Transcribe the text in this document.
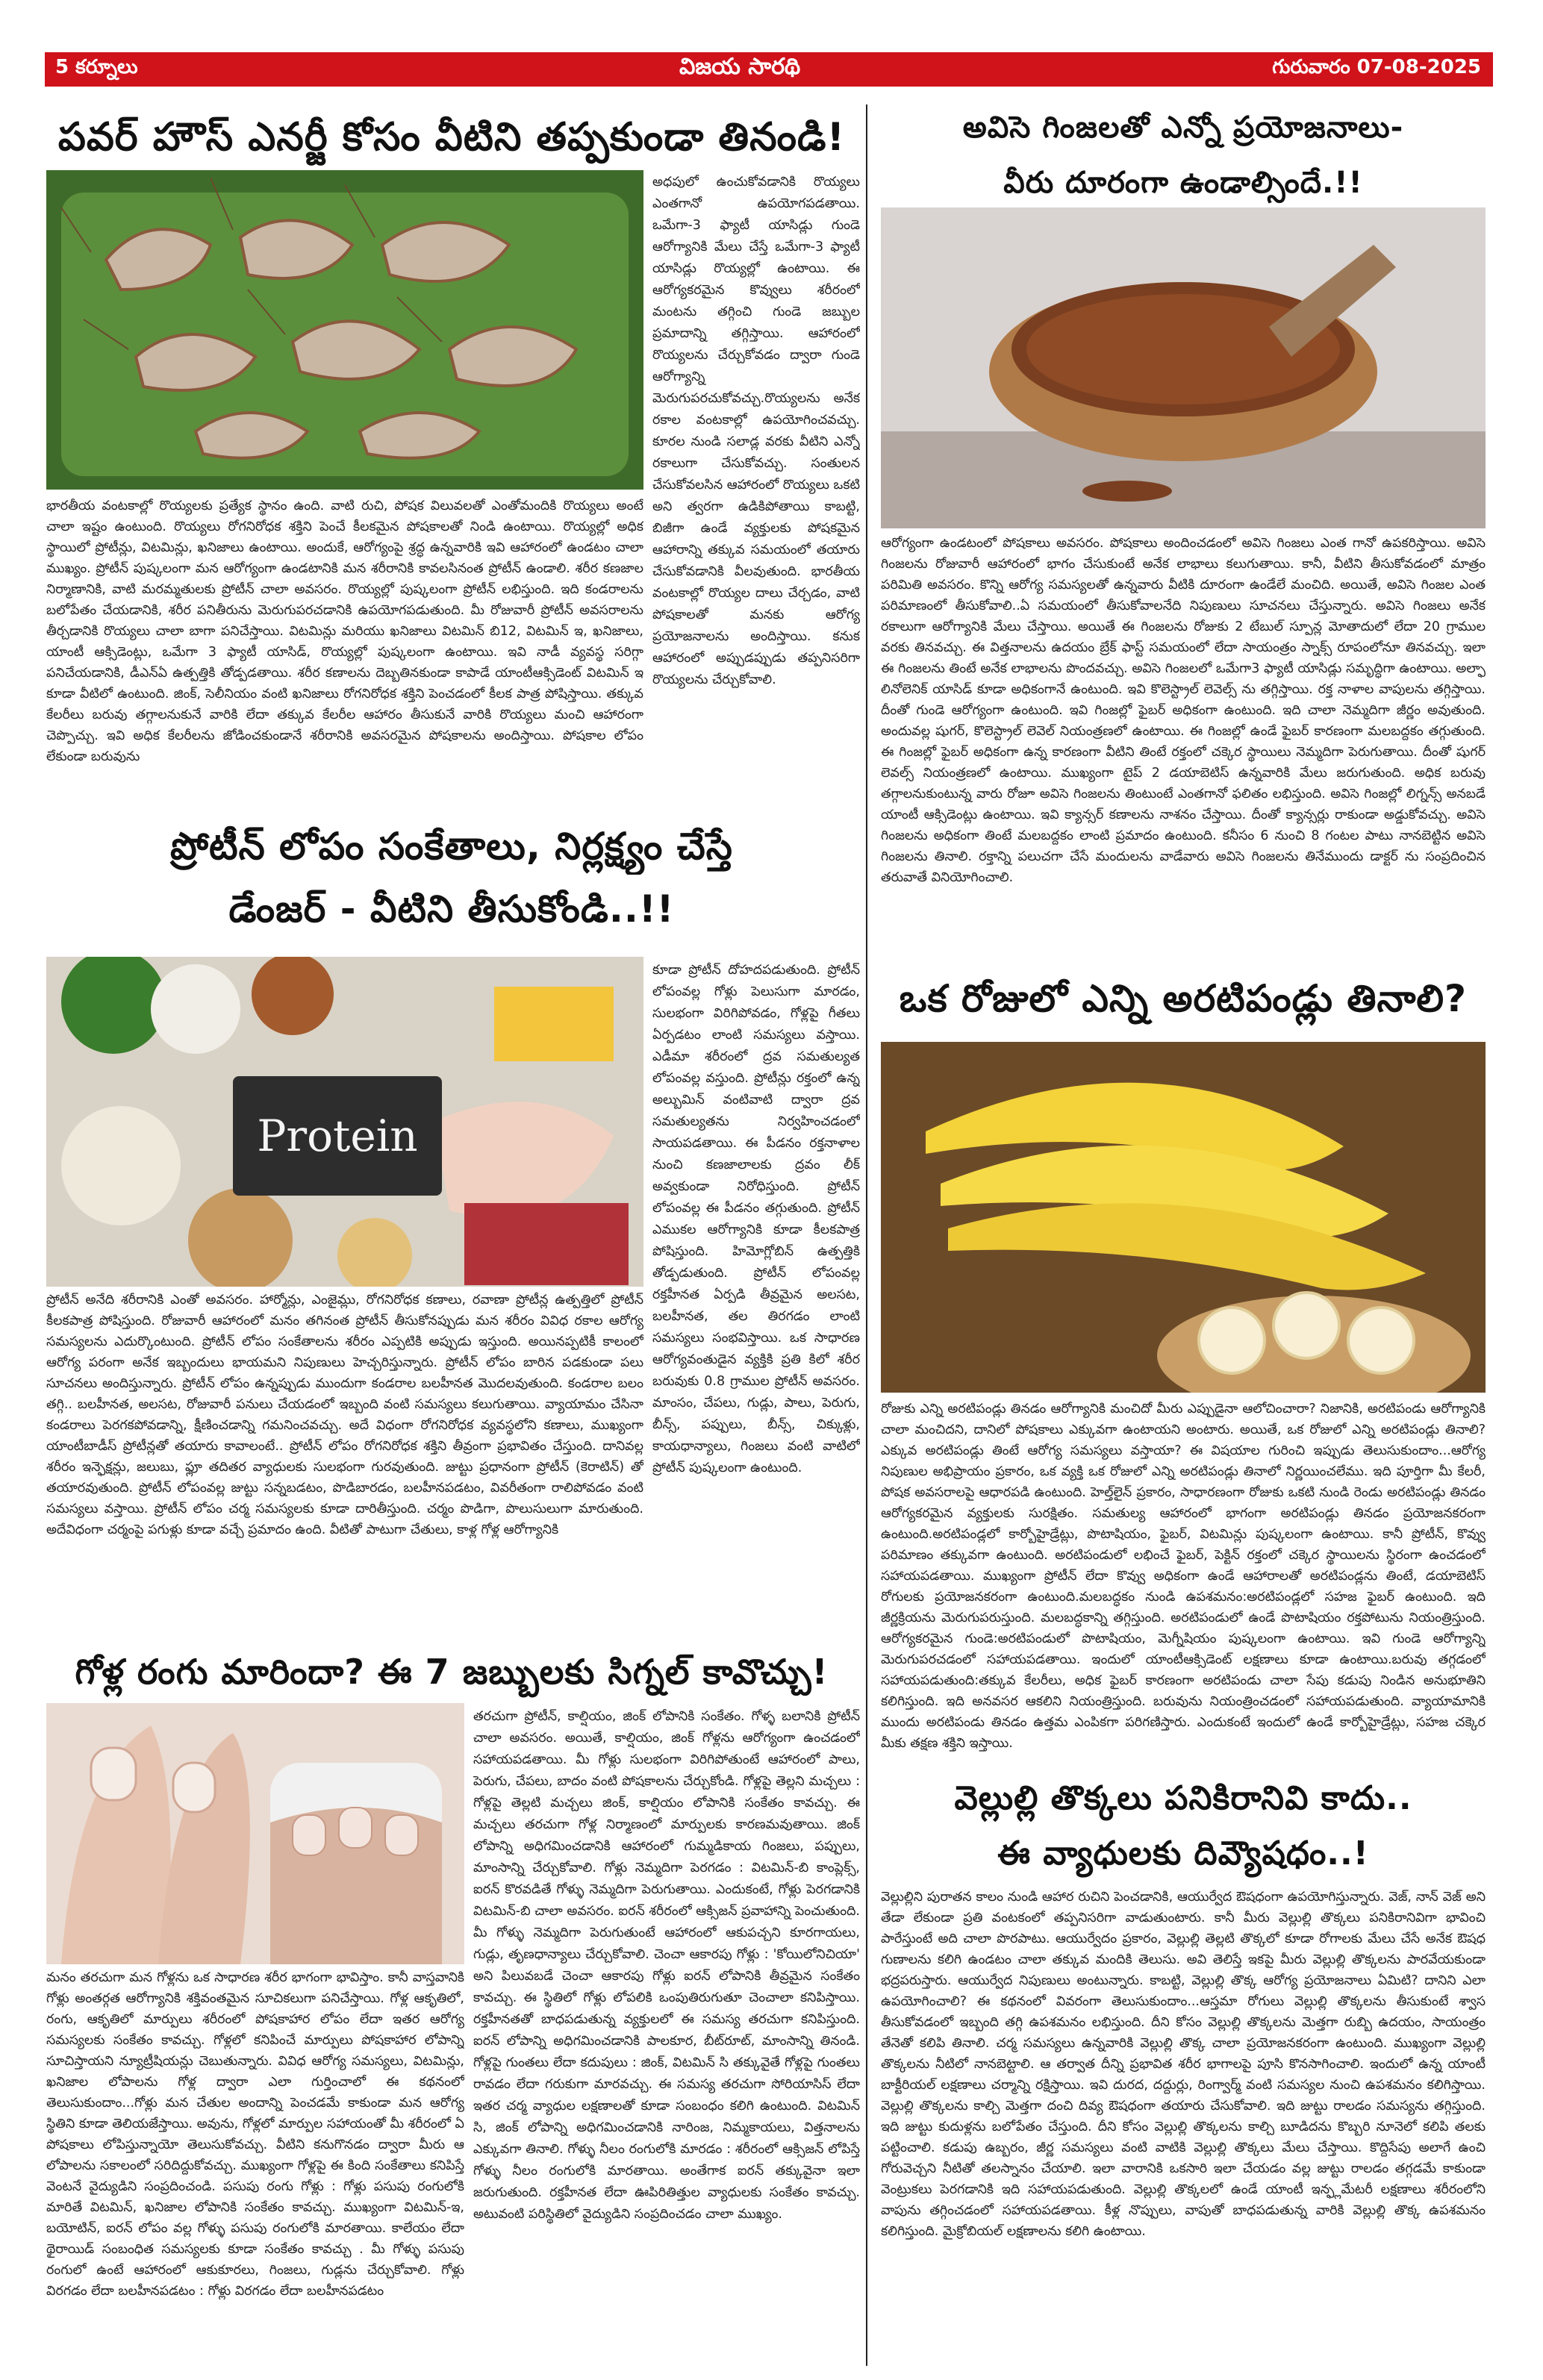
5 కర్నూలు	విజయ సారథి	గురువారం 07-08-2025
పవర్ హౌస్ ఎనర్జీ కోసం వీటిని తప్పకుండా తినండి!
అధపులో ఉంచుకోవడానికి రొయ్యలు ఎంతగానో ఉపయోగపడతాయి. ఒమేగా-3 ఫ్యాటీ యాసిడ్లు గుండె ఆరోగ్యానికి మేలు చేస్తే ఒమేగా-3 ఫ్యాటీ యాసిడ్లు రొయ్యల్లో ఉంటాయి. ఈ ఆరోగ్యకరమైన కొవ్వులు శరీరంలో మంటను తగ్గించి గుండె జబ్బుల ప్రమాదాన్ని తగ్గిస్తాయి. ఆహారంలో రొయ్యలను చేర్చుకోవడం ద్వారా గుండె ఆరోగ్యాన్ని మెరుగుపరచుకోవచ్చు.రొయ్యలను అనేక రకాల వంటకాల్లో ఉపయోగించవచ్చు. కూరల నుండి సలాడ్ల వరకు వీటిని ఎన్నో రకాలుగా చేసుకోవచ్చు. సంతులన చేసుకోవలసిన ఆహారంలో రొయ్యలు ఒకటి అని త్వరగా ఉడికిపోతాయి కాబట్టి, బిజీగా ఉండే వ్యక్తులకు పోషకమైన ఆహారాన్ని తక్కువ సమయంలో తయారు చేసుకోవడానికి వీలవుతుంది. భారతీయ వంటకాల్లో రొయ్యల దాలు చేర్చడం, వాటి పోషకాలతో మనకు ఆరోగ్య ప్రయోజనాలను అందిస్తాయి. కనుక ఆహారంలో అప్పుడప్పుడు తప్పనిసరిగా రొయ్యలను చేర్చుకోవాలి.
భారతీయ వంటకాల్లో రొయ్యలకు ప్రత్యేక స్థానం ఉంది. వాటి రుచి, పోషక విలువలతో ఎంతోమందికి రొయ్యలు అంటే చాలా ఇష్టం ఉంటుంది. రొయ్యలు రోగనిరోధక శక్తిని పెంచే కీలకమైన పోషకాలతో నిండి ఉంటాయి. రొయ్యల్లో అధిక స్థాయిలో ప్రోటీన్లు, విటమిన్లు, ఖనిజాలు ఉంటాయి. అందుకే, ఆరోగ్యంపై శ్రద్ధ ఉన్నవారికి ఇవి ఆహారంలో ఉండటం చాలా ముఖ్యం. ప్రోటీన్ పుష్కలంగా మన ఆరోగ్యంగా ఉండటానికి మన శరీరానికి కావలసినంత ప్రోటీన్ ఉండాలి. శరీర కణజాల నిర్మాణానికి, వాటి మరమ్మతులకు ప్రోటీన్ చాలా అవసరం. రొయ్యల్లో పుష్కలంగా ప్రోటీన్ లభిస్తుంది. ఇది కండరాలను బలోపేతం చేయడానికి, శరీర పనితీరును మెరుగుపరచడానికి ఉపయోగపడుతుంది. మీ రోజువారీ ప్రోటీన్ అవసరాలను తీర్చడానికి రొయ్యలు చాలా బాగా పనిచేస్తాయి. విటమిన్లు మరియు ఖనిజాలు విటమిన్ బి12, విటమిన్ ఇ, ఖనిజాలు, యాంటీ ఆక్సిడెంట్లు, ఒమేగా 3 ఫ్యాటీ యాసిడ్, రొయ్యల్లో పుష్కలంగా ఉంటాయి. ఇవి నాడీ వ్యవస్థ సరిగ్గా పనిచేయడానికి, డీఎన్ఏ ఉత్పత్తికి తోడ్పడతాయి. శరీర కణాలను దెబ్బతినకుండా కాపాడే యాంటీఆక్సిడెంట్ విటమిన్ ఇ కూడా వీటిలో ఉంటుంది. జింక్, సెలీనియం వంటి ఖనిజాలు రోగనిరోధక శక్తిని పెంచడంలో కీలక పాత్ర పోషిస్తాయి. తక్కువ కేలరీలు బరువు తగ్గాలనుకునే వారికి లేదా తక్కువ కేలరీల ఆహారం తీసుకునే వారికి రొయ్యలు మంచి ఆహారంగా చెప్పొచ్చు. ఇవి అధిక కేలరీలను జోడించకుండానే శరీరానికి అవసరమైన పోషకాలను అందిస్తాయి. పోషకాల లోపం లేకుండా బరువును
ప్రోటీన్ లోపం సంకేతాలు, నిర్లక్ష్యం చేస్తే
డేంజర్ - వీటిని తీసుకోండి..!!
Protein
కూడా ప్రోటీన్ దోహదపడుతుంది. ప్రోటీన్ లోపంవల్ల గోళ్లు పెలుసుగా మారడం, సులభంగా విరిగిపోవడం, గోళ్లపై గీతలు ఏర్పడటం లాంటి సమస్యలు వస్తాయి. ఎడీమా శరీరంలో ద్రవ సమతుల్యత లోపంవల్ల వస్తుంది. ప్రోటీన్లు రక్తంలో ఉన్న అల్బుమిన్ వంటివాటి ద్వారా ద్రవ సమతుల్యతను నిర్వహించడంలో సాయపడతాయి. ఈ పీడనం రక్తనాళాల నుంచి కణజాలాలకు ద్రవం లీక్ అవ్వకుండా నిరోధిస్తుంది. ప్రోటీన్ లోపంవల్ల ఈ పీడనం తగ్గుతుంది. ప్రోటీన్ ఎముకల ఆరోగ్యానికి కూడా కీలకపాత్ర పోషిస్తుంది. హిమోగ్లోబిన్ ఉత్పత్తికి తోడ్పడుతుంది. ప్రోటీన్ లోపంవల్ల రక్తహీనత ఏర్పడి తీవ్రమైన అలసట, బలహీనత, తల తిరగడం లాంటి సమస్యలు సంభవిస్తాయి. ఒక సాధారణ ఆరోగ్యవంతుడైన వ్యక్తికి ప్రతి కిలో శరీర బరువుకు 0.8 గ్రాముల ప్రోటీన్ అవసరం. మాంసం, చేపలు, గుడ్లు, పాలు, పెరుగు, బీన్స్, పప్పులు, బీన్స్, చిక్కుళ్లు, కాయధాన్యాలు, గింజలు వంటి వాటిలో ప్రోటీన్ పుష్కలంగా ఉంటుంది.
ప్రోటీన్ అనేది శరీరానికి ఎంతో అవసరం. హార్మోన్లు, ఎంజైమ్లు, రోగనిరోధక కణాలు, రవాణా ప్రోటీన్ల ఉత్పత్తిలో ప్రోటీన్ కీలకపాత్ర పోషిస్తుంది. రోజువారీ ఆహారంలో మనం తగినంత ప్రోటీన్ తీసుకోనప్పుడు మన శరీరం వివిధ రకాల ఆరోగ్య సమస్యలను ఎదుర్కొంటుంది. ప్రోటీన్ లోపం సంకేతాలను శరీరం ఎప్పటికి అప్పుడు ఇస్తుంది. అయినప్పటికీ కాలంలో ఆరోగ్య పరంగా అనేక ఇబ్బందులు భాయమని నిపుణులు హెచ్చరిస్తున్నారు. ప్రోటీన్ లోపం బారిన పడకుండా పలు సూచనలు అందిస్తున్నారు. ప్రోటీన్ లోపం ఉన్నప్పుడు ముందుగా కండరాల బలహీనత మొదలవుతుంది. కండరాల బలం తగ్గి.. బలహీనత, అలసట, రోజువారీ పనులు చేయడంలో ఇబ్బంది వంటి సమస్యలు కలుగుతాయి. వ్యాయామం చేసినా కండరాలు పెరగకపోవడాన్ని, క్షీణించడాన్ని గమనించవచ్చు. అదే విధంగా రోగనిరోధక వ్యవస్థలోని కణాలు, ముఖ్యంగా యాంటీబాడీస్ ప్రోటీన్లతో తయారు కావాలంటే.. ప్రోటీన్ లోపం రోగనిరోధక శక్తిని తీవ్రంగా ప్రభావితం చేస్తుంది. దానివల్ల శరీరం ఇన్ఫెక్షన్లు, జలుబు, ఫ్లూ తదితర వ్యాధులకు సులభంగా గురవుతుంది. జుట్టు ప్రధానంగా ప్రోటీన్ (కెరాటిన్) తో తయారవుతుంది. ప్రోటీన్ లోపంవల్ల జుట్టు సన్నబడటం, పొడిబారడం, బలహీనపడటం, వివరీతంగా రాలిపోవడం వంటి సమస్యలు వస్తాయి. ప్రోటీన్ లోపం చర్మ సమస్యలకు కూడా దారితీస్తుంది. చర్మం పొడిగా, పొలుసులుగా మారుతుంది. అదేవిధంగా చర్మంపై పగుళ్లు కూడా వచ్చే ప్రమాదం ఉంది. వీటితో పాటుగా చేతులు, కాళ్ల గోళ్ల ఆరోగ్యానికి
గోళ్ల రంగు మారిందా? ఈ 7 జబ్బులకు సిగ్నల్ కావొచ్చు!
తరచుగా ప్రోటీన్, కాల్షియం, జింక్ లోపానికి సంకేతం. గోళ్ళ బలానికి ప్రోటీన్ చాలా అవసరం. అయితే, కాల్షియం, జింక్ గోళ్లను ఆరోగ్యంగా ఉంచడంలో సహాయపడతాయి. మీ గోళ్లు సులభంగా విరిగిపోతుంటే ఆహారంలో పాలు, పెరుగు, చేపలు, బాదం వంటి పోషకాలను చేర్చుకోండి. గోళ్లపై తెల్లని మచ్చలు : గోళ్లపై తెల్లటి మచ్చలు జింక్, కాల్షియం లోపానికి సంకేతం కావచ్చు. ఈ మచ్చలు తరచుగా గోళ్ల నిర్మాణంలో మార్పులకు కారణమవుతాయి. జింక్ లోపాన్ని అధిగమించడానికి ఆహారంలో గుమ్మడికాయ గింజలు, పప్పులు, మాంసాన్ని చేర్చుకోవాలి. గోళ్లు నెమ్మదిగా పెరగడం : విటమిన్-బి కాంప్లెక్స్, ఐరన్ కొరవడితే గోళ్ళు నెమ్మదిగా పెరుగుతాయి. ఎందుకంటే, గోళ్లు పెరగడానికి విటమిన్-బి చాలా అవసరం. ఐరన్ శరీరంలో ఆక్సిజన్ ప్రవాహాన్ని పెంచుతుంది. మీ గోళ్ళు నెమ్మదిగా పెరుగుతుంటే ఆహారంలో ఆకుపచ్చని కూరగాయలు, గుడ్లు, తృణధాన్యాలు చేర్చుకోవాలి. చెంచా ఆకారపు గోళ్లు : 'కోయిలోనిచియా' అని పిలువబడే చెంచా ఆకారపు గోళ్లు ఐరన్ లోపానికి తీవ్రమైన సంకేతం కావచ్చు. ఈ స్థితిలో గోళ్లు లోపలికి ఒంపుతిరుగుతూ చెంచాలా కనిపిస్తాయి. రక్తహీనతతో బాధపడుతున్న వ్యక్తులలో ఈ సమస్య తరచుగా కనిపిస్తుంది. ఐరన్ లోపాన్ని అధిగమించడానికి పాలకూర, బీట్‌రూట్, మాంసాన్ని తినండి. గోళ్లపై గుంతలు లేదా కదుపులు : జింక్, విటమిన్ సి తక్కువైతే గోళ్లపై గుంతలు రావడం లేదా గరుకుగా మారవచ్చు. ఈ సమస్య తరచుగా సోరియాసిస్ లేదా ఇతర చర్మ వ్యాధుల లక్షణాలతో కూడా సంబంధం కలిగి ఉంటుంది. విటమిన్ సి, జింక్ లోపాన్ని అధిగమించడానికి నారింజ, నిమ్మకాయలు, విత్తనాలను ఎక్కువగా తినాలి. గోళ్ళు నీలం రంగులోకి మారడం : శరీరంలో ఆక్సిజన్ లోపిస్తే గోళ్ళు నీలం రంగులోకి మారతాయి. అంతేగాక ఐరన్ తక్కువైనా ఇలా జరుగుతుంది. రక్తహీనత లేదా ఊపిరితిత్తుల వ్యాధులకు సంకేతం కావచ్చు. అటువంటి పరిస్థితిలో వైద్యుడిని సంప్రదించడం చాలా ముఖ్యం.
మనం తరచుగా మన గోళ్లను ఒక సాధారణ శరీర భాగంగా భావిస్తాం. కానీ వాస్తవానికి గోళ్లు అంతర్గత ఆరోగ్యానికి శక్తివంతమైన సూచికలుగా పనిచేస్తాయి. గోళ్ల ఆకృతిలో, రంగు, ఆకృతిలో మార్పులు శరీరంలో పోషకాహార లోపం లేదా ఇతర ఆరోగ్య సమస్యలకు సంకేతం కావచ్చు. గోళ్లలో కనిపించే మార్పులు పోషకాహార లోపాన్ని సూచిస్తాయని న్యూట్రీషియన్లు చెబుతున్నారు. వివిధ ఆరోగ్య సమస్యలు, విటమిన్లు, ఖనిజాల లోపాలను గోళ్ల ద్వారా ఎలా గుర్తించాలో ఈ కథనంలో తెలుసుకుందాం...గోళ్లు మన చేతుల అందాన్ని పెంచడమే కాకుండా మన ఆరోగ్య స్థితిని కూడా తెలియజేస్తాయి. అవును, గోళ్లలో మార్పుల సహాయంతో మీ శరీరంలో ఏ పోషకాలు లోపిస్తున్నాయో తెలుసుకోవచ్చు. వీటిని కనుగొనడం ద్వారా మీరు ఆ లోపాలను సకాలంలో సరిదిద్దుకోవచ్చు. ముఖ్యంగా గోళ్లపై ఈ కింది సంకేతాలు కనిపిస్తే వెంటనే వైద్యుడిని సంప్రదించండి. పసుపు రంగు గోళ్లు : గోళ్లు పసుపు రంగులోకి మారితే విటమిన్, ఖనిజాల లోపానికి సంకేతం కావచ్చు. ముఖ్యంగా విటమిన్-ఇ, బయోటిన్, ఐరన్ లోపం వల్ల గోళ్ళు పసుపు రంగులోకి మారతాయి. కాలేయం లేదా థైరాయిడ్ సంబంధిత సమస్యలకు కూడా సంకేతం కావచ్చు . మీ గోళ్ళు పసుపు రంగులో ఉంటే ఆహారంలో ఆకుకూరలు, గింజలు, గుడ్లను చేర్చుకోవాలి. గోళ్లు విరగడం లేదా బలహీనపడటం : గోళ్లు విరగడం లేదా బలహీనపడటం
అవిసె గింజలతో ఎన్నో ప్రయోజనాలు-
వీరు దూరంగా ఉండాల్సిందే.!!
ఆరోగ్యంగా ఉండటంలో పోషకాలు అవసరం. పోషకాలు అందించడంలో అవిసె గింజలు ఎంత గానో ఉపకరిస్తాయి. అవిసె గింజలను రోజువారీ ఆహారంలో భాగం చేసుకుంటే అనేక లాభాలు కలుగుతాయి. కానీ, వీటిని తీసుకోవడంలో మాత్రం పరిమితి అవసరం. కొన్ని ఆరోగ్య సమస్యలతో ఉన్నవారు వీటికి దూరంగా ఉండేలే మంచిది. అయితే, అవిసె గింజల ఎంత పరిమాణంలో తీసుకోవాలి..ఏ సమయంలో తీసుకోవాలనేది నిపుణులు సూచనలు చేస్తున్నారు. అవిసె గింజలు అనేక రకాలుగా ఆరోగ్యానికి మేలు చేస్తాయి. అయితే ఈ గింజలను రోజుకు 2 టేబుల్ స్పూన్ల మోతాదులో లేదా 20 గ్రాముల వరకు తినవచ్చు. ఈ విత్తనాలను ఉదయం బ్రేక్ ఫాస్ట్ సమయంలో లేదా సాయంత్రం స్నాక్స్ రూపంలోనూ తినవచ్చు. ఇలా ఈ గింజలను తింటే అనేక లాభాలను పొందవచ్చు. అవిసె గింజలలో ఒమేగా3 ఫ్యాటీ యాసిడ్లు సమృద్ధిగా ఉంటాయి. అల్ఫా లినోలెనిక్ యాసిడ్ కూడా అధికంగానే ఉంటుంది. ఇవి కొలెస్ట్రాల్ లెవెల్స్ ను తగ్గిస్తాయి. రక్త నాళాల వాపులను తగ్గిస్తాయి. దీంతో గుండె ఆరోగ్యంగా ఉంటుంది. ఇవి గింజల్లో ఫైబర్ అధికంగా ఉంటుంది. ఇది చాలా నెమ్మదిగా జీర్ణం అవుతుంది. అందువల్ల షుగర్, కొలెస్ట్రాల్ లెవెల్ నియంత్రణలో ఉంటాయి. ఈ గింజల్లో ఉండే ఫైబర్ కారణంగా మలబద్దకం తగ్గుతుంది. ఈ గింజల్లో ఫైబర్ అధికంగా ఉన్న కారణంగా వీటిని తింటే రక్తంలో చక్కెర స్థాయిలు నెమ్మదిగా పెరుగుతాయి. దీంతో షుగర్ లెవల్స్ నియంత్రణలో ఉంటాయి. ముఖ్యంగా టైప్ 2 డయాబెటిస్ ఉన్నవారికి మేలు జరుగుతుంది. అధిక బరువు తగ్గాలనుకుంటున్న వారు రోజూ అవిసె గింజలను తింటుంటే ఎంతగానో ఫలితం లభిస్తుంది. అవిసె గింజల్లో లిగ్నన్స్ అనబడే యాంటీ ఆక్సిడెంట్లు ఉంటాయి. ఇవి క్యాన్సర్ కణాలను నాశనం చేస్తాయి. దీంతో క్యాన్సర్లు రాకుండా అడ్డుకోవచ్చు. అవిసె గింజలను అధికంగా తింటే మలబద్దకం లాంటి ప్రమాదం ఉంటుంది. కనీసం 6 నుంచి 8 గంటల పాటు నానబెట్టిన అవిసె గింజలను తినాలి. రక్తాన్ని పలుచగా చేసే మందులను వాడేవారు అవిసె గింజలను తినేముందు డాక్టర్ ను సంప్రదించిన తరువాతే వినియోగించాలి.
ఒక రోజులో ఎన్ని అరటిపండ్లు తినాలి?
రోజుకు ఎన్ని అరటిపండ్లు తినడం ఆరోగ్యానికి మంచిదో మీరు ఎప్పుడైనా ఆలోచించారా? నిజానికి, అరటిపండు ఆరోగ్యానికి చాలా మంచిదని, దానిలో పోషకాలు ఎక్కువగా ఉంటాయని అంటారు. అయితే, ఒక రోజులో ఎన్ని అరటిపండ్లు తినాలి? ఎక్కువ అరటిపండ్లు తింటే ఆరోగ్య సమస్యలు వస్తాయా? ఈ విషయాల గురించి ఇప్పుడు తెలుసుకుందాం...ఆరోగ్య నిపుణుల అభిప్రాయం ప్రకారం, ఒక వ్యక్తి ఒక రోజులో ఎన్ని అరటిపండ్లు తినాలో నిర్ణయించలేము. ఇది పూర్తిగా మీ కేలరీ, పోషక అవసరాలపై ఆధారపడి ఉంటుంది. హెల్త్‌లైన్ ప్రకారం, సాధారణంగా రోజుకు ఒకటి నుండి రెండు అరటిపండ్లు తినడం ఆరోగ్యకరమైన వ్యక్తులకు సురక్షితం. సమతుల్య ఆహారంలో భాగంగా అరటిపండ్లు తినడం ప్రయోజనకరంగా ఉంటుంది.అరటిపండ్లలో కార్బోహైడ్రేట్లు, పొటాషియం, ఫైబర్, విటమిన్లు పుష్కలంగా ఉంటాయి. కానీ ప్రోటీన్, కొవ్వు పరిమాణం తక్కువగా ఉంటుంది. అరటిపండులో లభించే ఫైబర్, పెక్టిన్ రక్తంలో చక్కెర స్థాయిలను స్థిరంగా ఉంచడంలో సహాయపడతాయి. ముఖ్యంగా ప్రోటీన్ లేదా కొవ్వు అధికంగా ఉండే ఆహారాలతో అరటిపండ్లను తింటే, డయాబెటిస్ రోగులకు ప్రయోజనకరంగా ఉంటుంది.మలబద్ధకం నుండి ఉపశమనం:అరటిపండ్లలో సహజ ఫైబర్ ఉంటుంది. ఇది జీర్ణక్రియను మెరుగుపరుస్తుంది. మలబద్ధకాన్ని తగ్గిస్తుంది. అరటిపండులో ఉండే పొటాషియం రక్తపోటును నియంత్రిస్తుంది. ఆరోగ్యకరమైన గుండె:అరటిపండులో పొటాషియం, మెగ్నీషియం పుష్కలంగా ఉంటాయి. ఇవి గుండె ఆరోగ్యాన్ని మెరుగుపరచడంలో సహాయపడతాయి. ఇందులో యాంటీఆక్సిడెంట్ లక్షణాలు కూడా ఉంటాయి.బరువు తగ్గడంలో సహాయపడుతుంది:తక్కువ కేలరీలు, అధిక ఫైబర్ కారణంగా అరటిపండు చాలా సేపు కడుపు నిండిన అనుభూతిని కలిగిస్తుంది. ఇది అనవసర ఆకలిని నియంత్రిస్తుంది. బరువును నియంత్రించడంలో సహాయపడుతుంది. వ్యాయామానికి ముందు అరటిపండు తినడం ఉత్తమ ఎంపికగా పరిగణిస్తారు. ఎందుకంటే ఇందులో ఉండే కార్బోహైడ్రేట్లు, సహజ చక్కెర మీకు తక్షణ శక్తిని ఇస్తాయి.
వెల్లుల్లి తొక్కలు పనికిరానివి కాదు..
ఈ వ్యాధులకు దివ్యౌషధం..!
వెల్లుల్లిని పురాతన కాలం నుండి ఆహార రుచిని పెంచడానికి, ఆయుర్వేద ఔషధంగా ఉపయోగిస్తున్నారు. వెజ్, నాన్ వెజ్ అని తేడా లేకుండా ప్రతి వంటకంలో తప్పనిసరిగా వాడుతుంటారు. కానీ మీరు వెల్లుల్లి తొక్కలు పనికిరానివిగా భావించి పారేస్తుంటే అది చాలా పొరపాటు. ఆయుర్వేదం ప్రకారం, వెల్లుల్లి తెల్లటి తొక్కలో కూడా రోగాలకు మేలు చేసే అనేక ఔషధ గుణాలను కలిగి ఉండటం చాలా తక్కువ మందికి తెలుసు. అవి తెలిస్తే ఇకపై మీరు వెల్లుల్లి తొక్కలను పారవేయకుండా భద్రపరుస్తారు. ఆయుర్వేద నిపుణులు అంటున్నారు. కాబట్టి, వెల్లుల్లి తొక్క ఆరోగ్య ప్రయోజనాలు ఏమిటి? దానిని ఎలా ఉపయోగించాలి? ఈ కథనంలో వివరంగా తెలుసుకుందాం...ఆస్తమా రోగులు వెల్లుల్లి తొక్కలను తీసుకుంటే శ్వాస తీసుకోవడంలో ఇబ్బంది తగ్గి ఉపశమనం లభిస్తుంది. దీని కోసం వెల్లుల్లి తొక్కలను మెత్తగా రుబ్బి ఉదయం, సాయంత్రం తేనెతో కలిపి తినాలి. చర్మ సమస్యలు ఉన్నవారికి వెల్లుల్లి తొక్క చాలా ప్రయోజనకరంగా ఉంటుంది. ముఖ్యంగా వెల్లుల్లి తొక్కలను నీటిలో నానబెట్టాలి. ఆ తర్వాత దీన్ని ప్రభావిత శరీర భాగాలపై పూసి కొనసాగించాలి. ఇందులో ఉన్న యాంటీ బాక్టీరియల్ లక్షణాలు చర్మాన్ని రక్షిస్తాయి. ఇవి దురద, దద్దుర్లు, రింగ్వార్మ్ వంటి సమస్యల నుంచి ఉపశమనం కలిగిస్తాయి. వెల్లుల్లి తొక్కలను కాల్చి మెత్తగా దంచి దివ్య ఔషధంగా తయారు చేసుకోవాలి. ఇది జుట్టు రాలడం సమస్యను తగ్గిస్తుంది. ఇది జుట్టు కుదుళ్లను బలోపేతం చేస్తుంది. దీని కోసం వెల్లుల్లి తొక్కలను కాల్చి బూడిదను కొబ్బరి నూనెలో కలిపి తలకు పట్టించాలి. కడుపు ఉబ్బరం, జీర్ణ సమస్యలు వంటి వాటికి వెల్లుల్లి తొక్కలు మేలు చేస్తాయి. కొద్దిసేపు అలాగే ఉంచి గోరువెచ్చని నీటితో తలస్నానం చేయాలి. ఇలా వారానికి ఒకసారి ఇలా చేయడం వల్ల జుట్టు రాలడం తగ్గడమే కాకుండా వెంట్రుకలు పెరగడానికి ఇది సహాయపడుతుంది. వెల్లుల్లి తొక్కలలో ఉండే యాంటీ ఇన్ఫ్లమేటరీ లక్షణాలు శరీరంలోని వాపును తగ్గించడంలో సహాయపడతాయి. కీళ్ల నొప్పులు, వాపుతో బాధపడుతున్న వారికి వెల్లుల్లి తొక్క ఉపశమనం కలిగిస్తుంది. మైక్రోబియల్ లక్షణాలను కలిగి ఉంటాయి.
